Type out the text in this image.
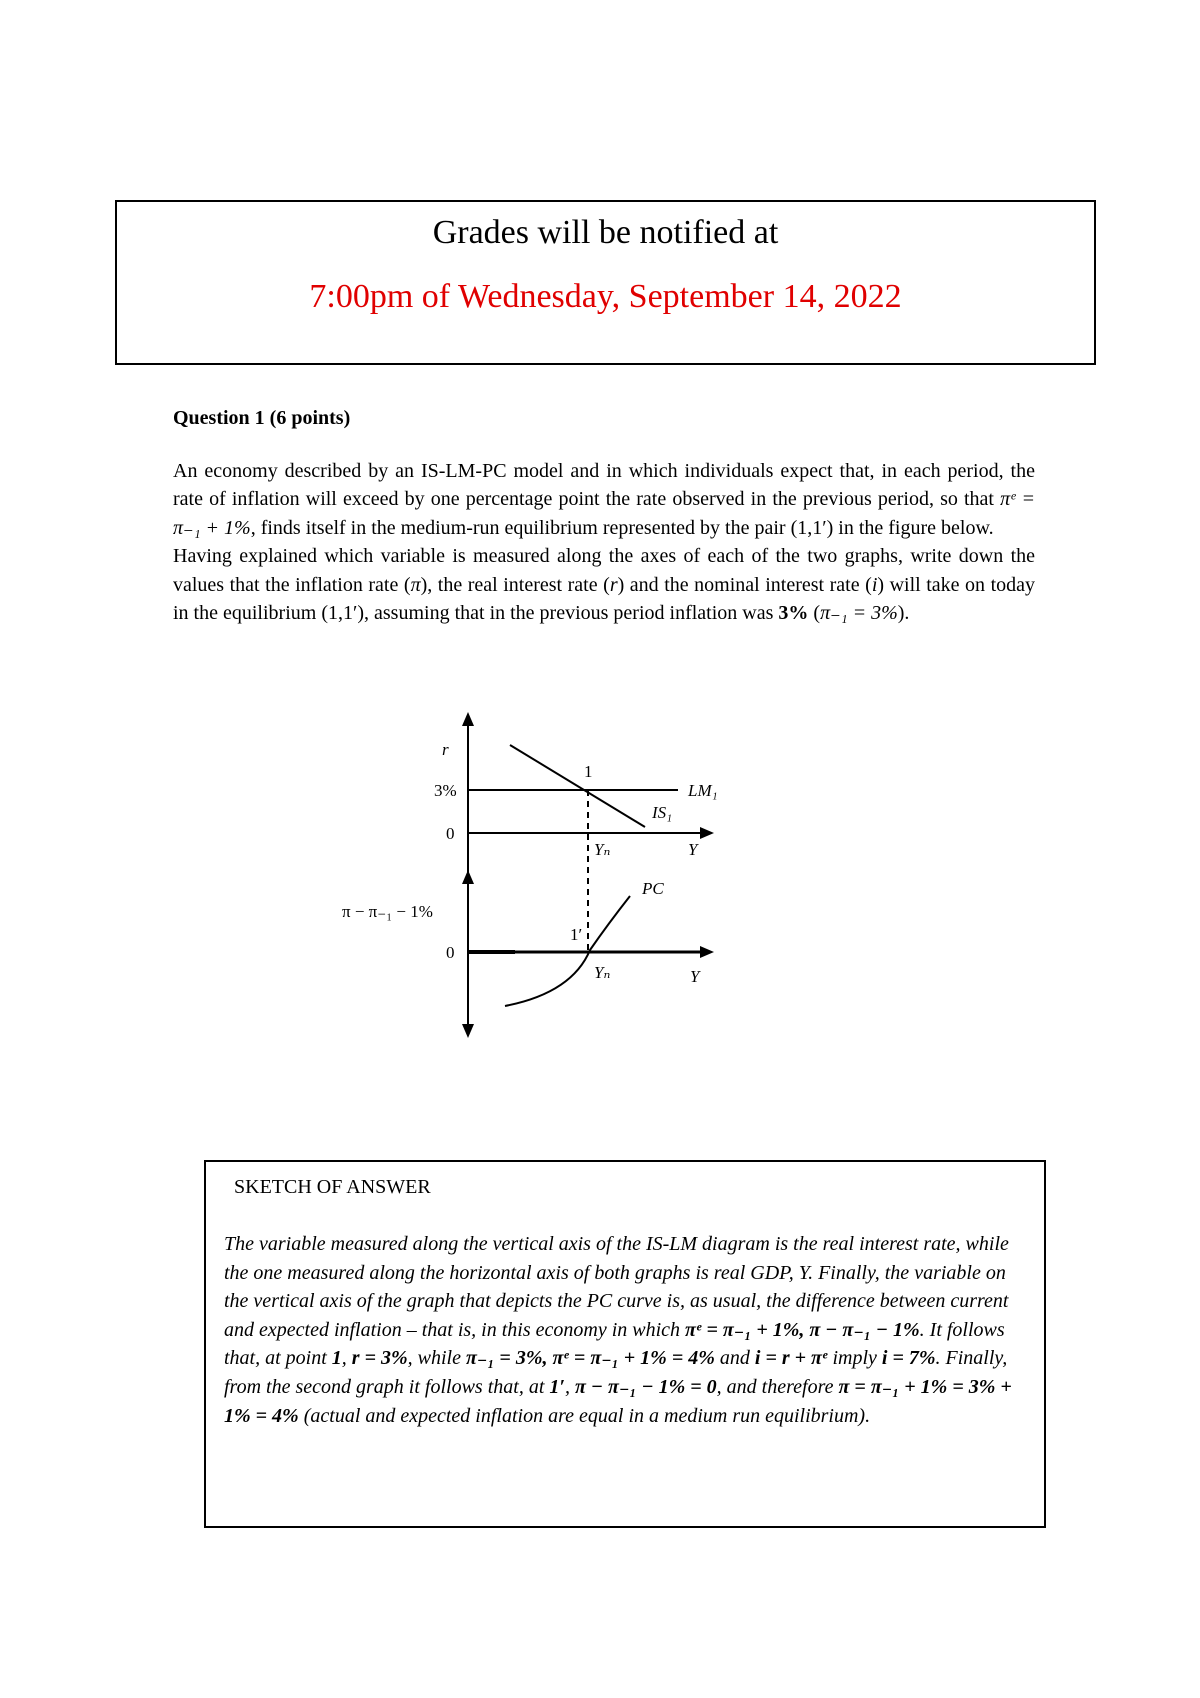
Grades will be notified at
7:00pm of Wednesday, September 14, 2022
Question 1 (6 points)
An economy described by an IS-LM-PC model and in which individuals expect that, in each period, the rate of inflation will exceed by one percentage point the rate observed in the previous period, so that πᵉ = π₋₁ + 1%, finds itself in the medium-run equilibrium represented by the pair (1,1′) in the figure below.
Having explained which variable is measured along the axes of each of the two graphs, write down the values that the inflation rate (π), the real interest rate (r) and the nominal interest rate (i) will take on today in the equilibrium (1,1′), assuming that in the previous period inflation was 3% (π₋₁ = 3%).
r
3%
0
1
LM₁
IS₁
Yₙ	Y
π − π₋₁ − 1%
0
1′
PC
Yₙ	Y
SKETCH OF ANSWER
The variable measured along the vertical axis of the IS-LM diagram is the real interest rate, while the one measured along the horizontal axis of both graphs is real GDP, Y. Finally, the variable on the vertical axis of the graph that depicts the PC curve is, as usual, the difference between current and expected inflation – that is, in this economy in which πᵉ = π₋₁ + 1%, π − π₋₁ − 1%. It follows that, at point 1, r = 3%, while π₋₁ = 3%, πᵉ = π₋₁ + 1% = 4% and i = r + πᵉ imply i = 7%. Finally, from the second graph it follows that, at 1′, π − π₋₁ − 1% = 0, and therefore π = π₋₁ + 1% = 3% + 1% = 4% (actual and expected inflation are equal in a medium run equilibrium).
